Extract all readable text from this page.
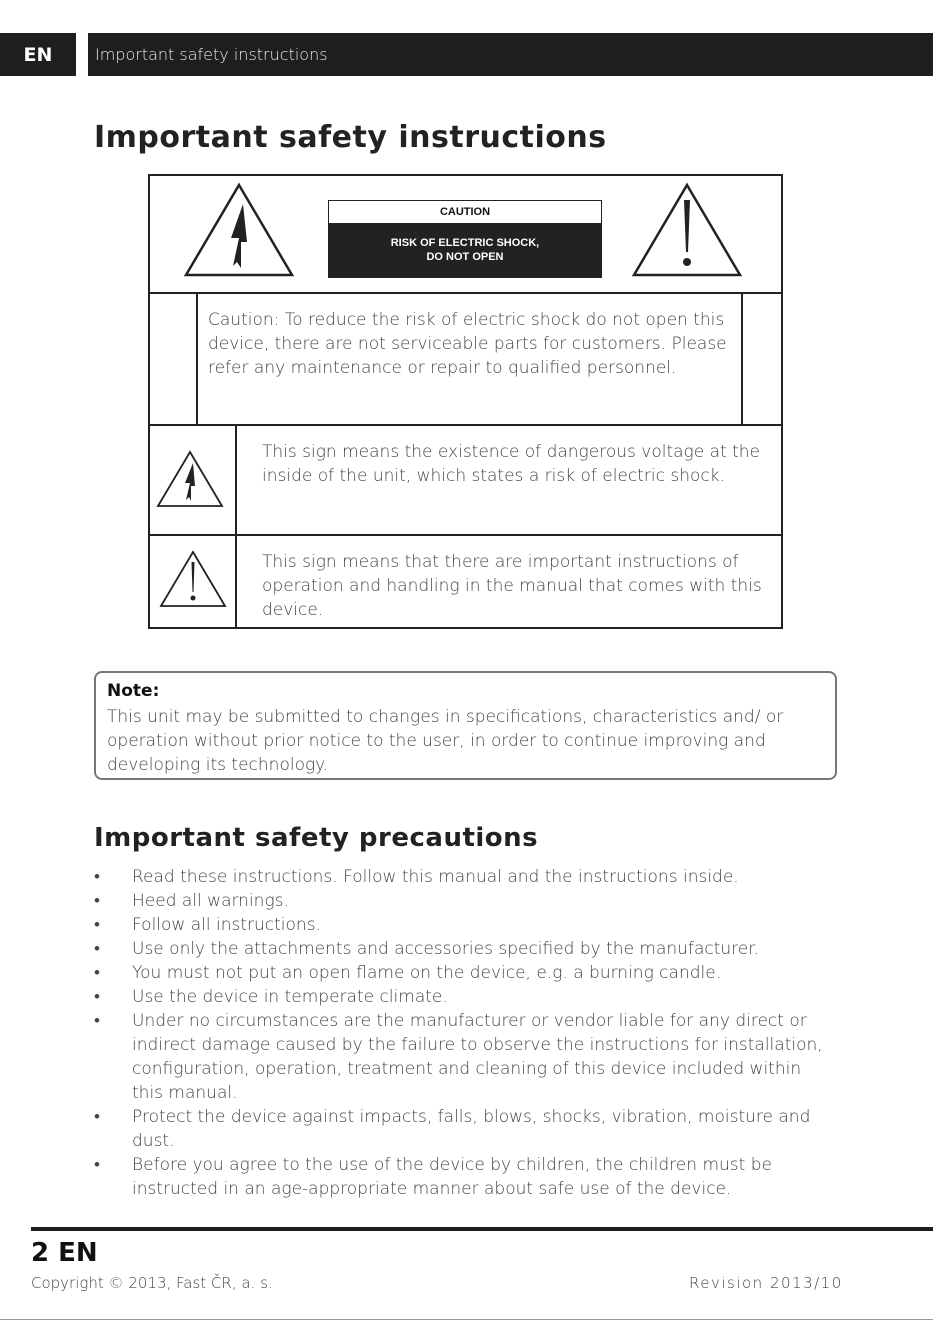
EN	Important safety instructions
Important safety instructions
CAUTION
RISK OF ELECTRIC SHOCK,
DO NOT OPEN
Caution: To reduce the risk of electric shock do not open this device, there are not serviceable parts for customers. Please refer any maintenance or repair to qualified personnel.
This sign means the existence of dangerous voltage at the inside of the unit, which states a risk of electric shock.
This sign means that there are important instructions of operation and handling in the manual that comes with this device.
Note:
This unit may be submitted to changes in specifications, characteristics and/ or operation without prior notice to the user, in order to continue improving and developing its technology.
Important safety precautions
• Read these instructions. Follow this manual and the instructions inside.
• Heed all warnings.
• Follow all instructions.
• Use only the attachments and accessories specified by the manufacturer.
• You must not put an open flame on the device, e.g. a burning candle.
• Use the device in temperate climate.
• Under no circumstances are the manufacturer or vendor liable for any direct or indirect damage caused by the failure to observe the instructions for installation, configuration, operation, treatment and cleaning of this device included within this manual.
• Protect the device against impacts, falls, blows, shocks, vibration, moisture and dust.
• Before you agree to the use of the device by children, the children must be instructed in an age-appropriate manner about safe use of the device.
2 EN
Copyright © 2013, Fast ČR, a. s.	Revision 2013/10
